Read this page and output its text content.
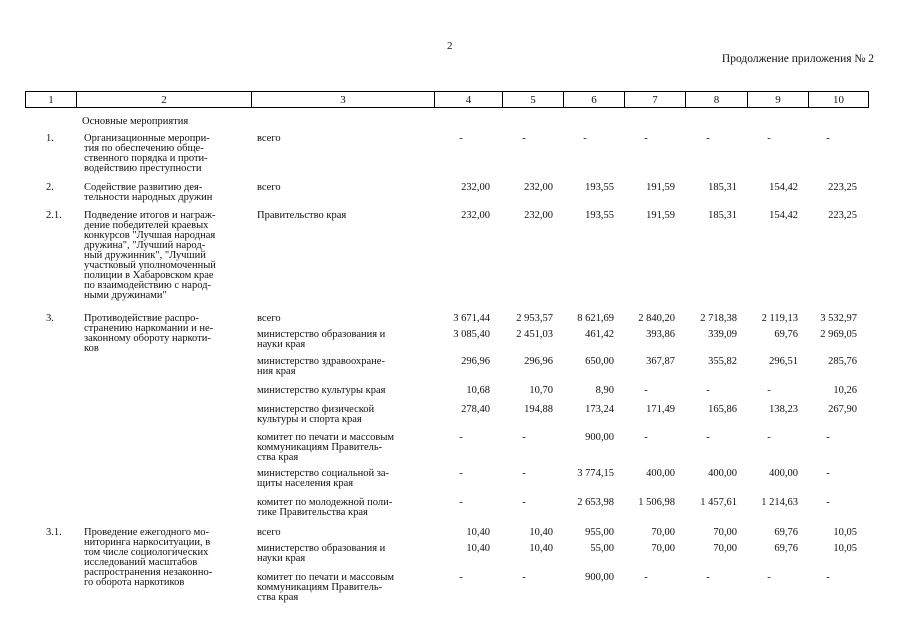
2
Продолжение приложения № 2
1	2	3	4	5	6	7	8	9	10
Основные мероприятия
1.	Организационные меропри-
тия по обеспечению обще-
ственного порядка и проти-
водействию преступности
всего	-	-	-	-	-	-	-
2.	Содействие развитию дея-
тельности народных дружин
всего	232,00	232,00	193,55	191,59	185,31	154,42	223,25
2.1. Подведение итогов и награж-
дение победителей краевых
конкурсов "Лучшая народная
дружина", "Лучший народ-
ный дружинник", "Лучший
участковый уполномоченный
полиции в Хабаровском крае
по взаимодействию с народ-
ными дружинами"
Правительство края	232,00	232,00	193,55	191,59	185,31	154,42	223,25
3.	Противодействие распро-
странению наркомании и не-
законному обороту наркоти-
ков
всего	3 671,44	2 953,57	8 621,69	2 840,20	2 718,38	2 119,13	3 532,97
министерство образования и
науки края
3 085,40	2 451,03	461,42	393,86	339,09	69,76	2 969,05
министерство здравоохране-
ния края
296,96	296,96	650,00	367,87	355,82	296,51	285,76
министерство культуры края	10,68	10,70	8,90	-	-	-	10,26
министерство физической
культуры и спорта края
278,40	194,88	173,24	171,49	165,86	138,23	267,90
комитет по печати и массовым
коммуникациям Правитель-
ства края
-	-	900,00	-	-	-	-
министерство социальной за-
щиты населения края
-	-	3 774,15	400,00	400,00	400,00	-
комитет по молодежной поли-
тике Правительства края
-	-	2 653,98	1 506,98	1 457,61	1 214,63	-
3.1. Проведение ежегодного мо-
ниторинга наркоситуации, в
том числе социологических
исследований масштабов
распространения незаконно-
го оборота наркотиков
всего	10,40	10,40	955,00	70,00	70,00	69,76	10,05
министерство образования и
науки края
10,40	10,40	55,00	70,00	70,00	69,76	10,05
комитет по печати и массовым
коммуникациям Правитель-
ства края
-	-	900,00	-	-	-	-
